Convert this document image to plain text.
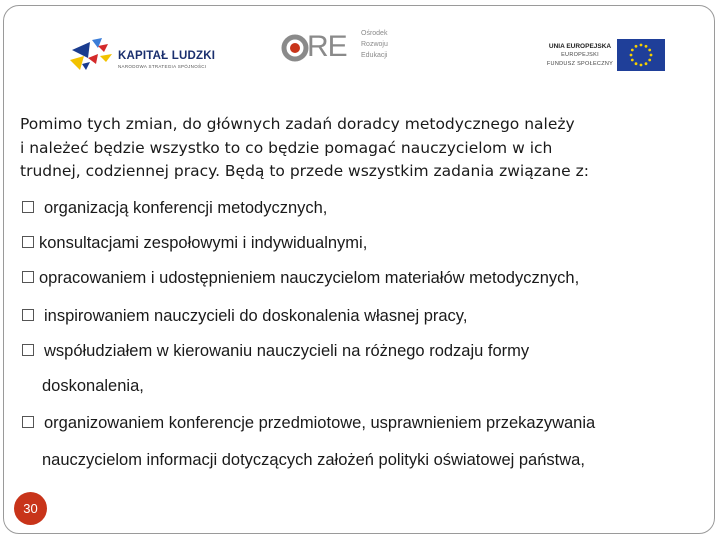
KAPITAŁ LUDZKI
NARODOWA STRATEGIA SPÓJNOŚCI
RE Ośrodek
Rozwoju
Edukacji
UNIA EUROPEJSKA
EUROPEJSKI
FUNDUSZ SPOŁECZNY

Pomimo tych zmian, do głównych zadań doradcy metodycznego należy
i należeć będzie wszystko to co będzie pomagać nauczycielom w ich
trudnej, codziennej pracy. Będą to przede wszystkim zadania związane z:

organizacją konferencji metodycznych,
konsultacjami zespołowymi i indywidualnymi,
opracowaniem i udostępnieniem nauczycielom materiałów metodycznych,
inspirowaniem nauczycieli do doskonalenia własnej pracy,
współudziałem w kierowaniu nauczycieli na różnego rodzaju formy
doskonalenia,
organizowaniem konferencje przedmiotowe, usprawnieniem przekazywania
nauczycielom informacji dotyczących założeń polityki oświatowej państwa,
30
